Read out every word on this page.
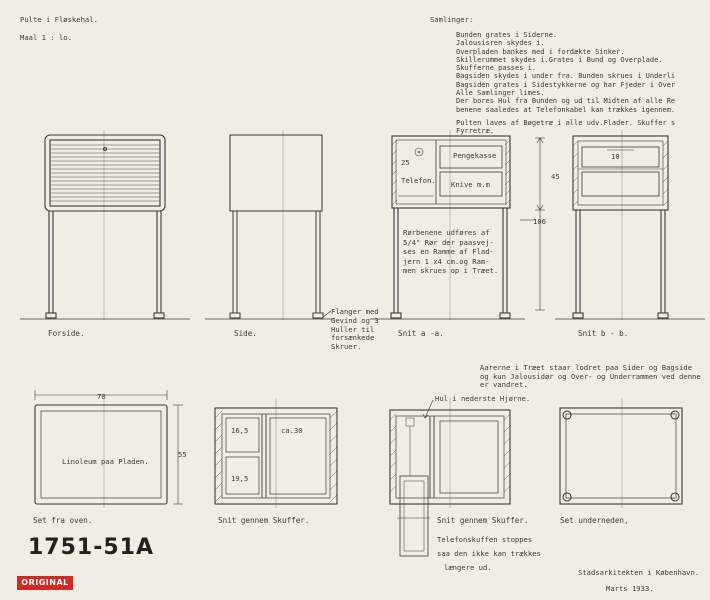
Pulte i Fløskehal.
Maal 1 : lo.
Samlinger:
Bunden grates i Siderne.
Jalousisren skydes i.
Overpladen bankes med i fordækte Sinker.
Skillerummet skydes i.Grates i Bund og Overplade.
Skufferne passes i.
Bagsiden skydes i under fra. Bunden skrues i Underli
Bagsiden grates i Sidestykkerne og har Fjeder i Over
Alle Samlinger limes.
Der bores Hul fra Bunden og ud til Midten af alle Re
benene saaledes at Telefonkabel kan trækkes igennem.
Pulten laves af Bøgetræ i alle udv.Flader. Skuffer s
Fyrretræ.
Pengekasse
Telefon. Knive m.m
25
45
106
10
Rørbenene udføres af
5/4" Rør der paasvej-
ses en Ramme af Flad-
jern 1 x4 cm.og Ram-
men skrues op i Træet.
Flanger med
Gevind og 3
Huller til
forsænkede
Skruer.
Forside.	Side.	Snit a -a.	Snit b - b.
Aarerne i Træet staar lodret paa Sider og Bagside
og kun Jalousidør og Over- og Underrammen ved denne
er vandret.
70
55
Linoleum paa Pladen.
16,5	ca.30
19,5
Hul i nederste Hjørne.
Set fra oven.	Snit gennem Skuffer.	Snit gennem Skuffer.	Set underneden,
Telefonskuffen stoppes
saa den ikke kan trækkes
længere ud.
Stadsarkitekten i København.
Marts 1933.
1751-51A
ORIGINAL
